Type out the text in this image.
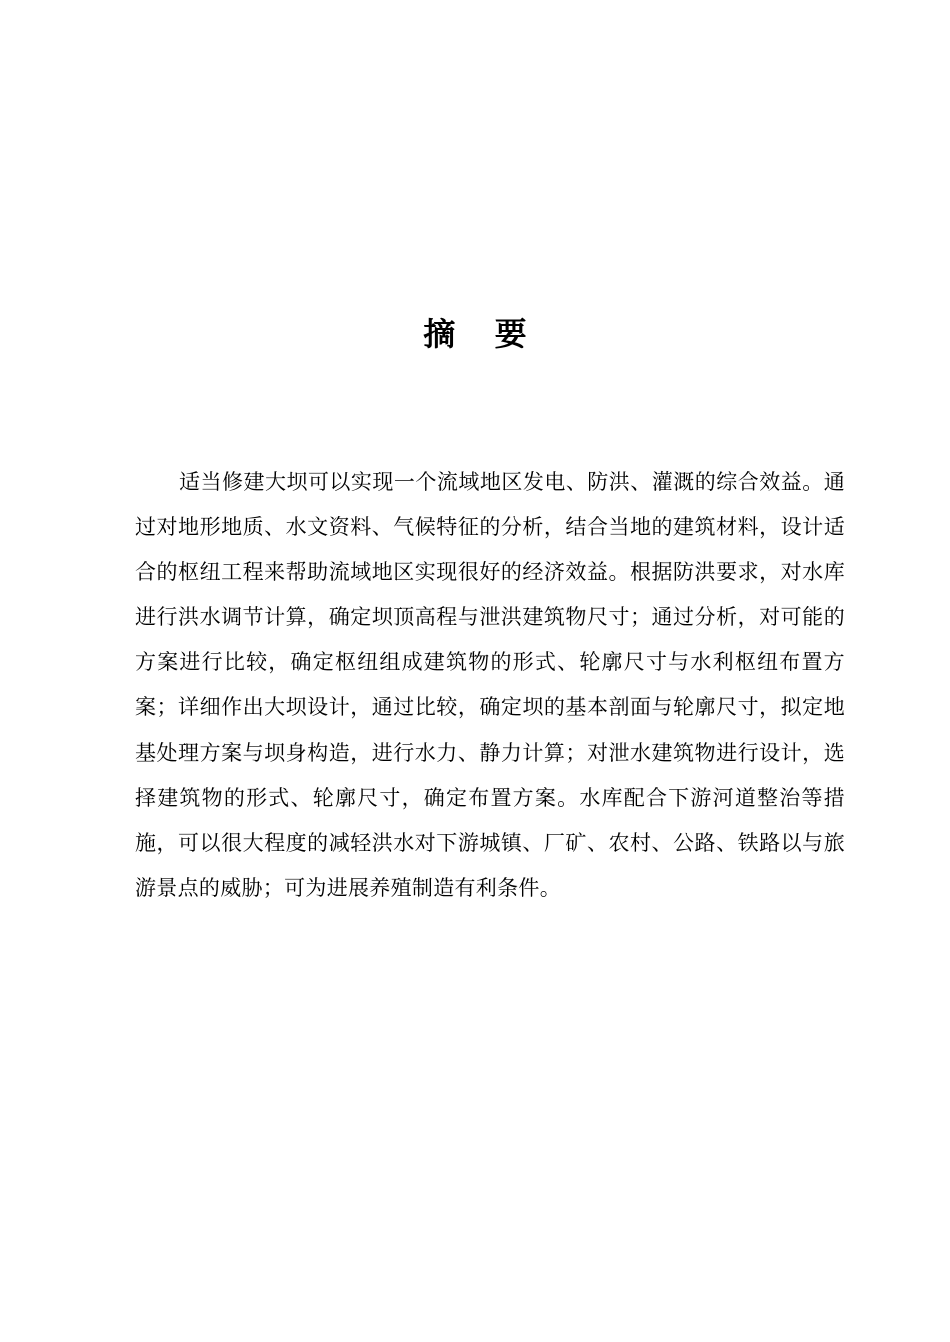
摘 要

适当修建大坝可以实现一个流域地区发电、防洪、灌溉的综合效益。通过对地形地质、水文资料、气候特征的分析，结合当地的建筑材料，设计适合的枢纽工程来帮助流域地区实现很好的经济效益。根据防洪要求，对水库进行洪水调节计算，确定坝顶高程与泄洪建筑物尺寸；通过分析，对可能的方案进行比较，确定枢纽组成建筑物的形式、轮廓尺寸与水利枢纽布置方案；详细作出大坝设计，通过比较，确定坝的基本剖面与轮廓尺寸，拟定地基处理方案与坝身构造，进行水力、静力计算；对泄水建筑物进行设计，选择建筑物的形式、轮廓尺寸，确定布置方案。水库配合下游河道整治等措施，可以很大程度的减轻洪水对下游城镇、厂矿、农村、公路、铁路以与旅游景点的威胁；可为进展养殖制造有利条件。
